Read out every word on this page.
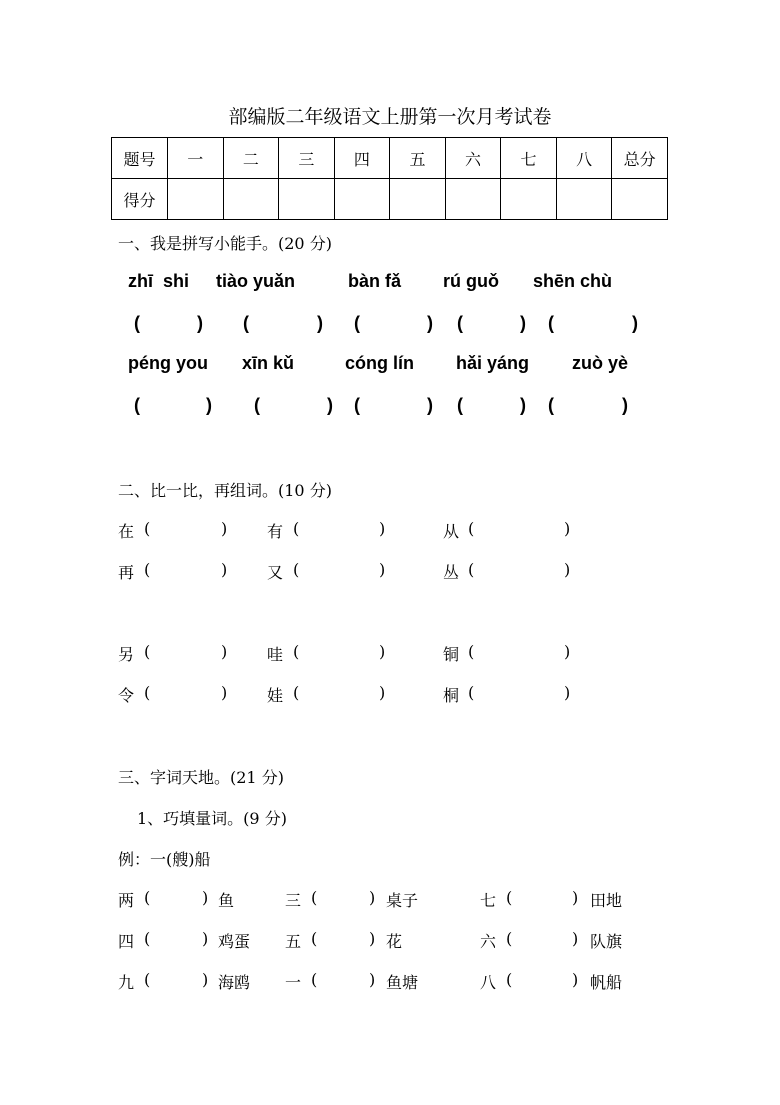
部编版二年级语文上册第一次月考试卷
题号	一	二	三	四	五	六	七	八	总分
得分									
一、我是拼写小能手。(20 分)
zhī  shi tiào yuǎn	bàn fǎ rú guǒ shēn chù
(	) (	) (	) (	) (	)
péng you xīn kǔ	cóng lín hǎi yáng zuò yè
(	) (	) (	) (	) (	)
二、比一比，再组词。(10 分)
在 (	) 有 (	)	从 (	)
再 (	) 又 (	)	丛 (	)
另 (	) 哇 (	)	铜 (	)
令 (	) 娃 (	)	桐 (	)
三、字词天地。(21 分)
1、巧填量词。(9 分)
例：一(艘)船
两 (	) 鱼	三 (	) 桌子	七 (	) 田地
四 (	) 鸡蛋 五 (	) 花	六 (	) 队旗
九 (	) 海鸥 一 (	) 鱼塘	八 (	) 帆船
